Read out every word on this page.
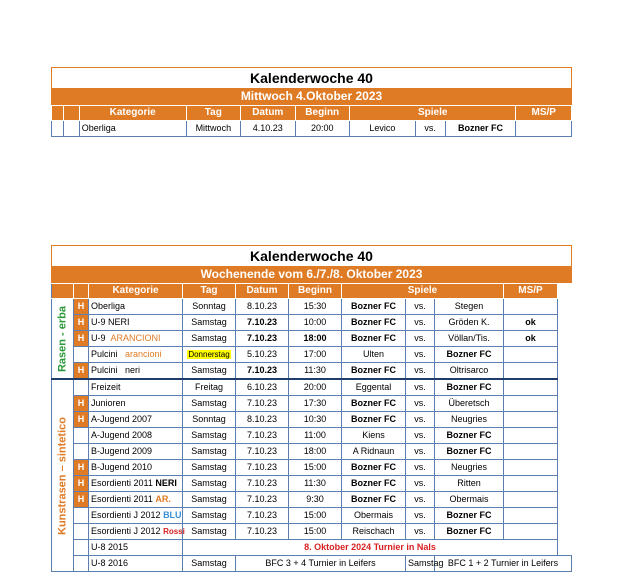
Kalenderwoche 40
Mittwoch 4.Oktober 2023
		Kategorie	Tag	Datum	Beginn	Spiele			MS/P
		Oberliga	Mittwoch	4.10.23	20:00	Levico	vs.	Bozner FC	
Kalenderwoche 40
Wochenende vom 6./7./8. Oktober 2023
		Kategorie	Tag	Datum	Beginn	Spiele			MS/P

Rasen - erba	H	Oberliga	Sonntag	8.10.23	15:30	Bozner FC	vs.	Stegen	
	H	U-9 NERI	Samstag	7.10.23	10:00	Bozner FC	vs.	Gröden K.	ok
	H	U-9 ARANCIONI	Samstag	7.10.23	18:00	Bozner FC	vs.	Völlan/Tis.	ok
		Pulcini arancioni	Donnerstag	5.10.23	17:00	Ulten	vs.	Bozner FC	
	H	Pulcini neri	Samstag	7.10.23	11:30	Bozner FC	vs.	Oltrisarco	

Kunstrasen – sintetico		Freizeit	Freitag	6.10.23	20:00	Eggental	vs.	Bozner FC	
	H	Junioren	Samstag	7.10.23	17:30	Bozner FC	vs.	Überetsch	
	H	A-Jugend 2007	Sonntag	8.10.23	10:30	Bozner FC	vs.	Neugries	
		A-Jugend 2008	Samstag	7.10.23	11:00	Kiens	vs.	Bozner FC	
		B-Jugend 2009	Samstag	7.10.23	18:00	A Ridnaun	vs.	Bozner FC	
	H	B-Jugend 2010	Samstag	7.10.23	15:00	Bozner FC	vs.	Neugries	
	H	Esordienti 2011 NERI	Samstag	7.10.23	11:30	Bozner FC	vs.	Ritten	
	H	Esordienti 2011 AR.	Samstag	7.10.23	9:30	Bozner FC	vs.	Obermais	
		Esordienti J 2012 BLU	Samstag	7.10.23	15:00	Obermais	vs.	Bozner FC	
		Esordienti J 2012 Rossi	Samstag	7.10.23	15:00	Reischach	vs.	Bozner FC	
		U-8 2015	8. Oktober 2024 Turnier in Nals						
		U-8 2016	Samstag	BFC 3 + 4 Turnier in Leifers			Samstag	BFC 1 + 2 Turnier in Leifers	
